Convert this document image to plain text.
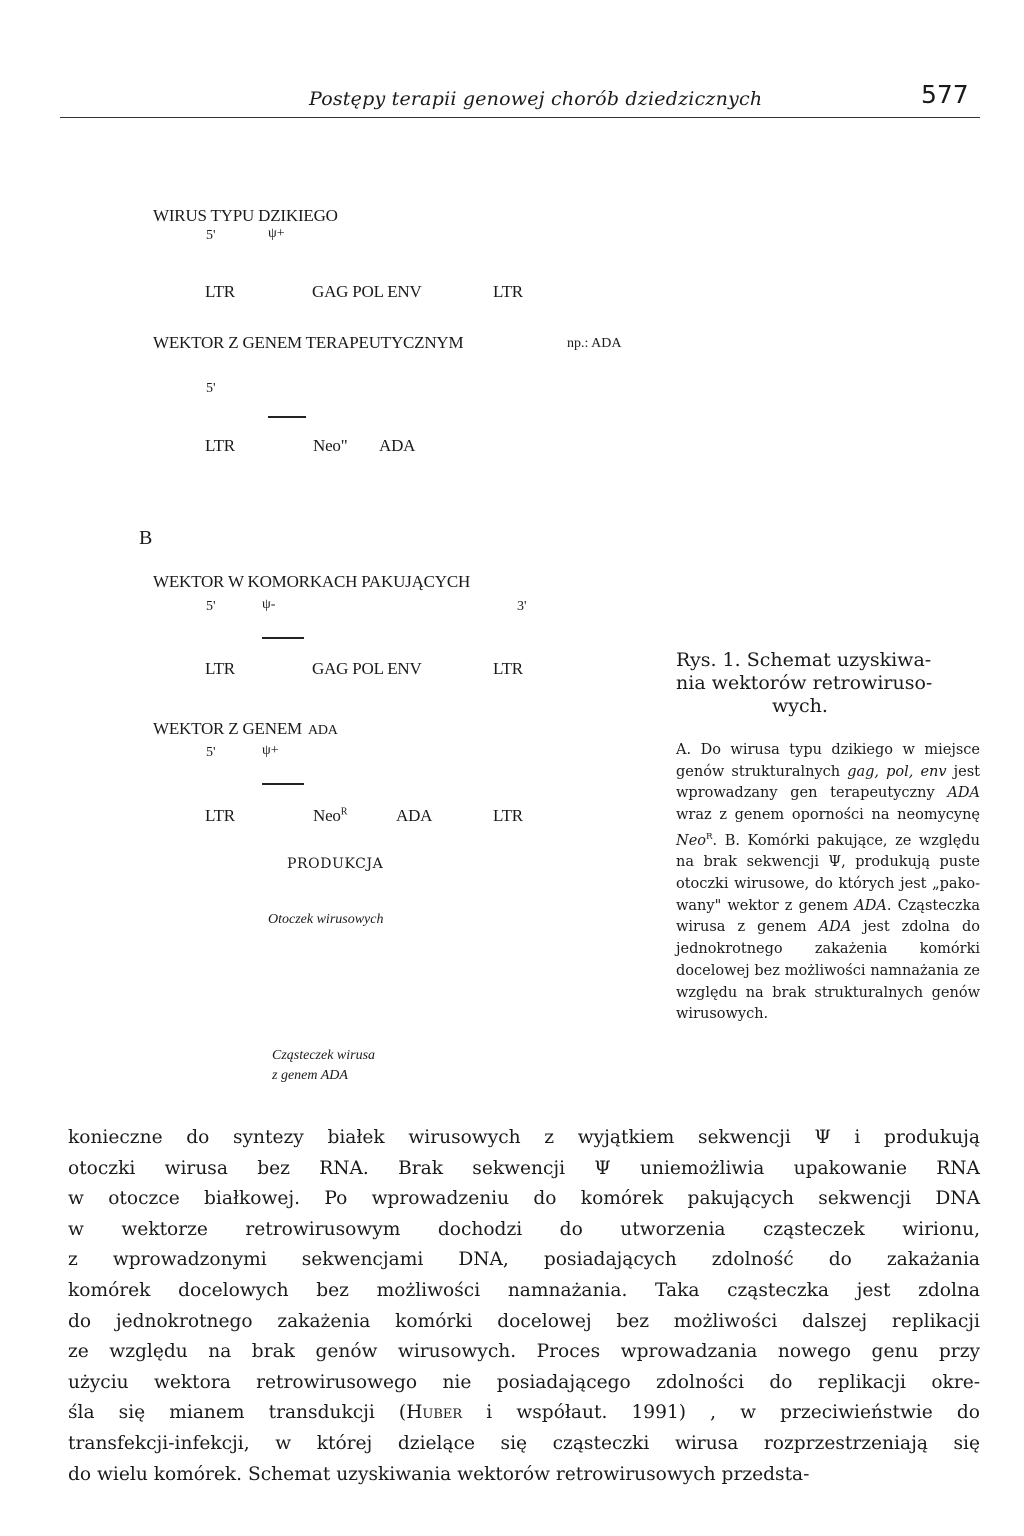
Postępy terapii genowej chorób dziedzicznych	577
WIRUS TYPU DZIKIEGO
5'	ψ+
LTR	GAG POL ENV	LTR
WEKTOR Z GENEM TERAPEUTYCZNYM	np.: ADA
5'
LTR	Neo" ADA
B
WEKTOR W KOMORKACH PAKUJĄCYCH
5'	ψ-	3'
LTR	GAG POL ENV	LTR
WEKTOR Z GENEM ADA
5'	ψ+
LTR	Neo$^R$	ADA	LTR
PRODUKCJA
Otoczek wirusowych
Cząsteczek wirusa
z genem ADA
Rys. 1. Schemat uzyskiwa-
nia wektorów retrowiruso-
wych.
A. Do wirusa typu dzikiego w miejsce genów strukturalnych gag, pol, env jest wprowadzany gen terapeutyczny ADA wraz z genem oporności na neomycynę Neo$^R$. B. Komórki pakujące, ze względu na brak sekwencji Ψ, produkują puste otoczki wirusowe, do których jest „pako- wany" wektor z genem ADA. Cząsteczka wirusa z genem ADA jest zdolna do jednokrotnego zakażenia komórki docelowej bez możliwości namnażania ze względu na brak strukturalnych genów wirusowych.
konieczne do syntezy białek wirusowych z wyjątkiem sekwencji Ψ i produkują
otoczki wirusa bez RNA. Brak sekwencji Ψ uniemożliwia upakowanie RNA
w otoczce białkowej. Po wprowadzeniu do komórek pakujących sekwencji DNA
w wektorze retrowirusowym dochodzi do utworzenia cząsteczek wirionu,
z wprowadzonymi sekwencjami DNA, posiadających zdolność do zakażania
komórek docelowych bez możliwości namnażania. Taka cząsteczka jest zdolna
do jednokrotnego zakażenia komórki docelowej bez możliwości dalszej replikacji
ze względu na brak genów wirusowych. Proces wprowadzania nowego genu przy
użyciu wektora retrowirusowego nie posiadającego zdolności do replikacji okre-
śla się mianem transdukcji (Huber i współaut. 1991) , w przeciwieństwie do
transfekcji-infekcji, w której dzielące się cząsteczki wirusa rozprzestrzeniają się
do wielu komórek. Schemat uzyskiwania wektorów retrowirusowych przedsta-
